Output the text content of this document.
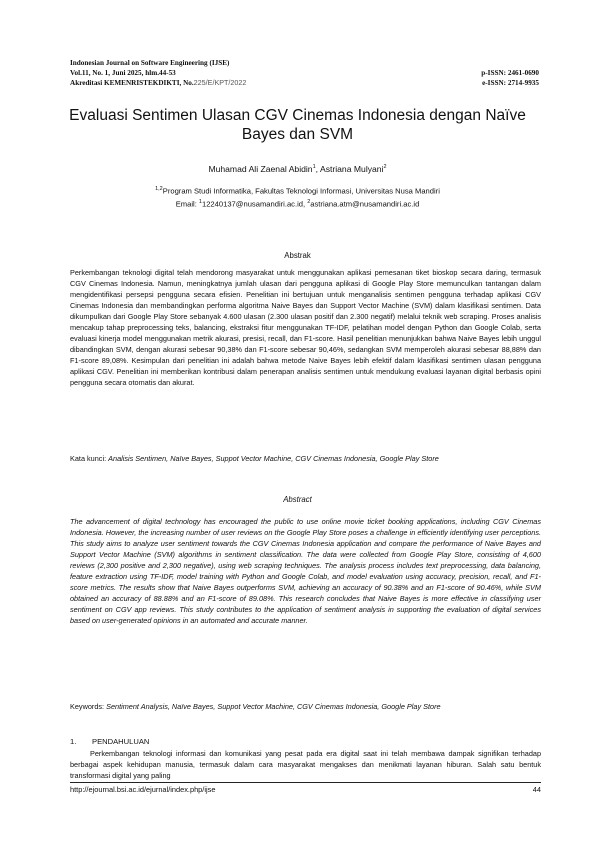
Indonesian Journal on Software Engineering (IJSE)
Vol.11, No. 1, Juni 2025, hlm.44-53
Akreditasi KEMENRISTEKDIKTI, No.225/E/KPT/2022
p-ISSN: 2461-0690
e-ISSN: 2714-9935
Evaluasi Sentimen Ulasan CGV Cinemas Indonesia dengan Naïve Bayes dan SVM
Muhamad Ali Zaenal Abidin$^1$, Astriana Mulyani$^2$
$^{1,2}$Program Studi Informatika, Fakultas Teknologi Informasi, Universitas Nusa Mandiri
Email: $^1$12240137@nusamandiri.ac.id, $^2$astriana.atm@nusamandiri.ac.id
Abstrak
Perkembangan teknologi digital telah mendorong masyarakat untuk menggunakan aplikasi pemesanan tiket bioskop secara daring, termasuk CGV Cinemas Indonesia. Namun, meningkatnya jumlah ulasan dari pengguna aplikasi di Google Play Store memunculkan tantangan dalam mengidentifikasi persepsi pengguna secara efisien. Penelitian ini bertujuan untuk menganalisis sentimen pengguna terhadap aplikasi CGV Cinemas Indonesia dan membandingkan performa algoritma Naive Bayes dan Support Vector Machine (SVM) dalam klasifikasi sentimen. Data dikumpulkan dari Google Play Store sebanyak 4.600 ulasan (2.300 ulasan positif dan 2.300 negatif) melalui teknik web scraping. Proses analisis mencakup tahap preprocessing teks, balancing, ekstraksi fitur menggunakan TF-IDF, pelatihan model dengan Python dan Google Colab, serta evaluasi kinerja model menggunakan metrik akurasi, presisi, recall, dan F1-score. Hasil penelitian menunjukkan bahwa Naive Bayes lebih unggul dibandingkan SVM, dengan akurasi sebesar 90,38% dan F1-score sebesar 90,46%, sedangkan SVM memperoleh akurasi sebesar 88,88% dan F1-score 89,08%. Kesimpulan dari penelitian ini adalah bahwa metode Naive Bayes lebih efektif dalam klasifikasi sentimen ulasan pengguna aplikasi CGV. Penelitian ini memberikan kontribusi dalam penerapan analisis sentimen untuk mendukung evaluasi layanan digital berbasis opini pengguna secara otomatis dan akurat.
Kata kunci: Analisis Sentimen, Naïve Bayes, Suppot Vector Machine, CGV Cinemas Indonesia, Google Play Store
Abstract
The advancement of digital technology has encouraged the public to use online movie ticket booking applications, including CGV Cinemas Indonesia. However, the increasing number of user reviews on the Google Play Store poses a challenge in efficiently identifying user perceptions. This study aims to analyze user sentiment towards the CGV Cinemas Indonesia application and compare the performance of Naive Bayes and Support Vector Machine (SVM) algorithms in sentiment classification. The data were collected from Google Play Store, consisting of 4,600 reviews (2,300 positive and 2,300 negative), using web scraping techniques. The analysis process includes text preprocessing, data balancing, feature extraction using TF-IDF, model training with Python and Google Colab, and model evaluation using accuracy, precision, recall, and F1-score metrics. The results show that Naive Bayes outperforms SVM, achieving an accuracy of 90.38% and an F1-score of 90.46%, while SVM obtained an accuracy of 88.88% and an F1-score of 89.08%. This research concludes that Naive Bayes is more effective in classifying user sentiment on CGV app reviews. This study contributes to the application of sentiment analysis in supporting the evaluation of digital services based on user-generated opinions in an automated and accurate manner.
Keywords: Sentiment Analysis, Naïve Bayes, Suppot Vector Machine, CGV Cinemas Indonesia, Google Play Store
1. PENDAHULUAN
Perkembangan teknologi informasi dan komunikasi yang pesat pada era digital saat ini telah membawa dampak signifikan terhadap berbagai aspek kehidupan manusia, termasuk dalam cara masyarakat mengakses dan menikmati layanan hiburan. Salah satu bentuk transformasi digital yang paling
http://ejournal.bsi.ac.id/ejurnal/index.php/ijse	44
